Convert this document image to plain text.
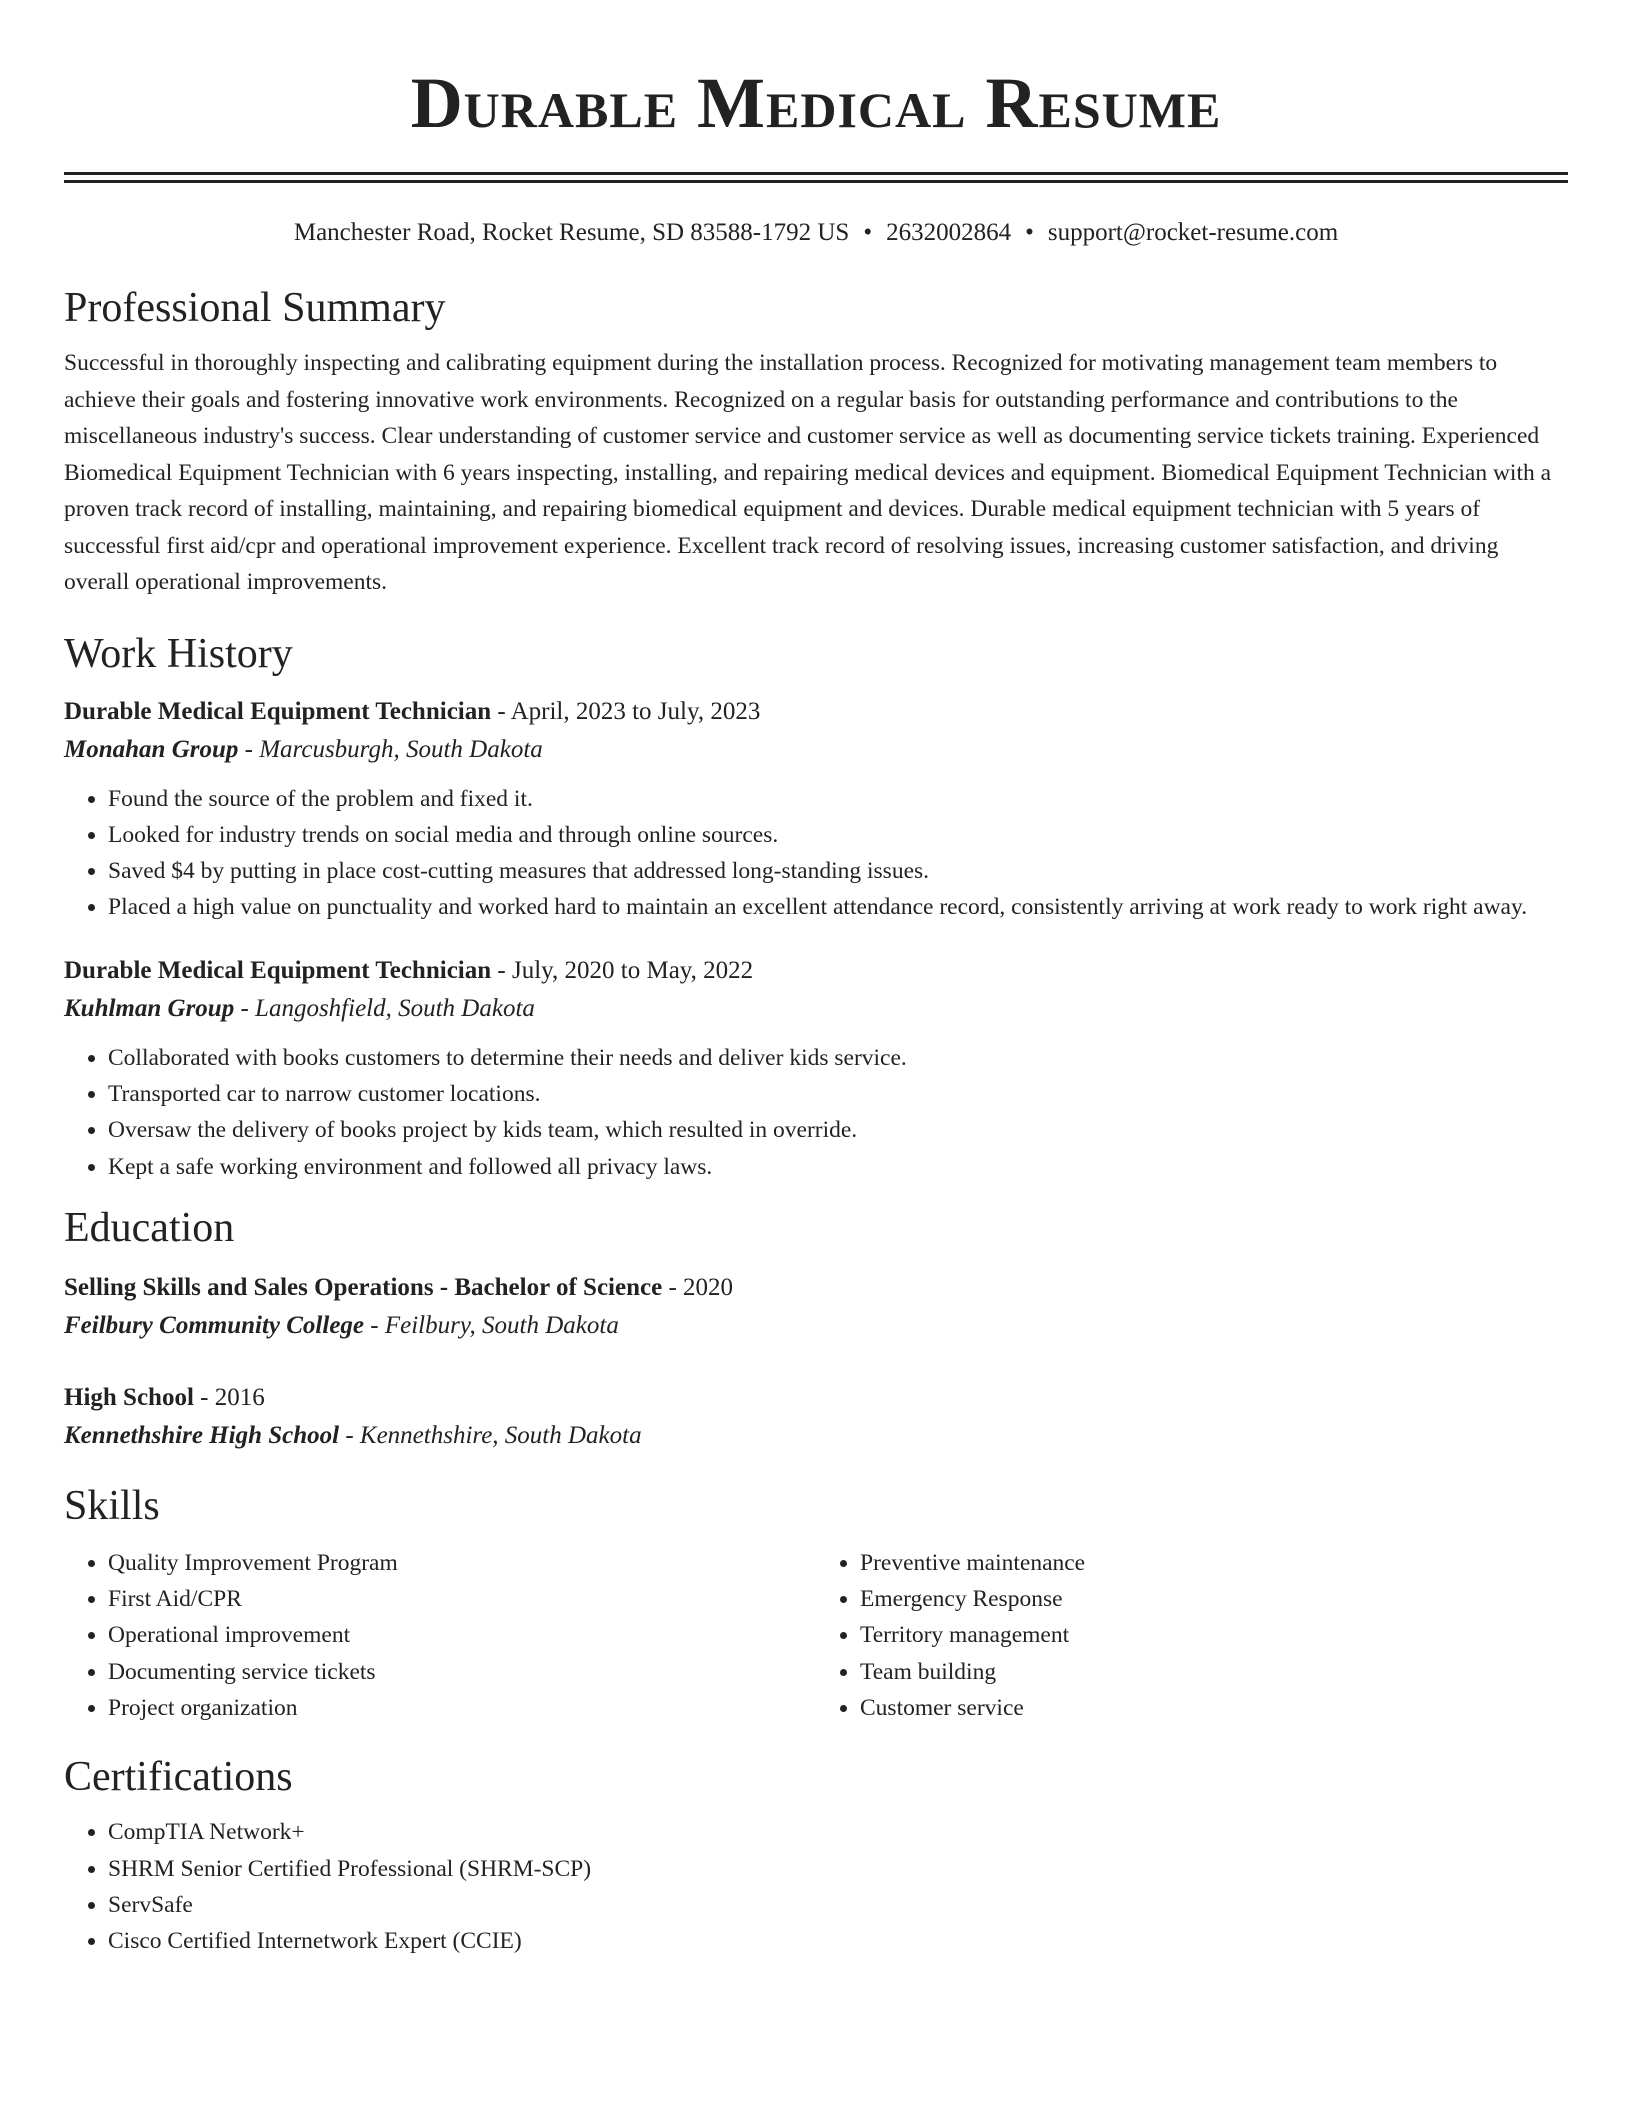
Durable Medical Resume
Manchester Road, Rocket Resume, SD 83588-1792 US • 2632002864 • support@rocket-resume.com
Professional Summary

Successful in thoroughly inspecting and calibrating equipment during the installation process. Recognized for motivating management team members to achieve their goals and fostering innovative work environments. Recognized on a regular basis for outstanding performance and contributions to the miscellaneous industry's success. Clear understanding of customer service and customer service as well as documenting service tickets training. Experienced Biomedical Equipment Technician with 6 years inspecting, installing, and repairing medical devices and equipment. Biomedical Equipment Technician with a proven track record of installing, maintaining, and repairing biomedical equipment and devices. Durable medical equipment technician with 5 years of successful first aid/cpr and operational improvement experience. Excellent track record of resolving issues, increasing customer satisfaction, and driving overall operational improvements.

Work History
Durable Medical Equipment Technician - April, 2023 to July, 2023
Monahan Group - Marcusburgh, South Dakota
• Found the source of the problem and fixed it.
• Looked for industry trends on social media and through online sources.
• Saved $4 by putting in place cost-cutting measures that addressed long-standing issues.
• Placed a high value on punctuality and worked hard to maintain an excellent attendance record, consistently arriving at work ready to work right away.
Durable Medical Equipment Technician - July, 2020 to May, 2022
Kuhlman Group - Langoshfield, South Dakota
• Collaborated with books customers to determine their needs and deliver kids service.
• Transported car to narrow customer locations.
• Oversaw the delivery of books project by kids team, which resulted in override.
• Kept a safe working environment and followed all privacy laws.
Education
Selling Skills and Sales Operations - Bachelor of Science - 2020
Feilbury Community College - Feilbury, South Dakota
High School - 2016
Kennethshire High School - Kennethshire, South Dakota
Skills
• Quality Improvement Program
• First Aid/CPR
• Operational improvement
• Documenting service tickets
• Project organization
• Preventive maintenance
• Emergency Response
• Territory management
• Team building
• Customer service
Certifications
• CompTIA Network+
• SHRM Senior Certified Professional (SHRM-SCP)
• ServSafe
• Cisco Certified Internetwork Expert (CCIE)
